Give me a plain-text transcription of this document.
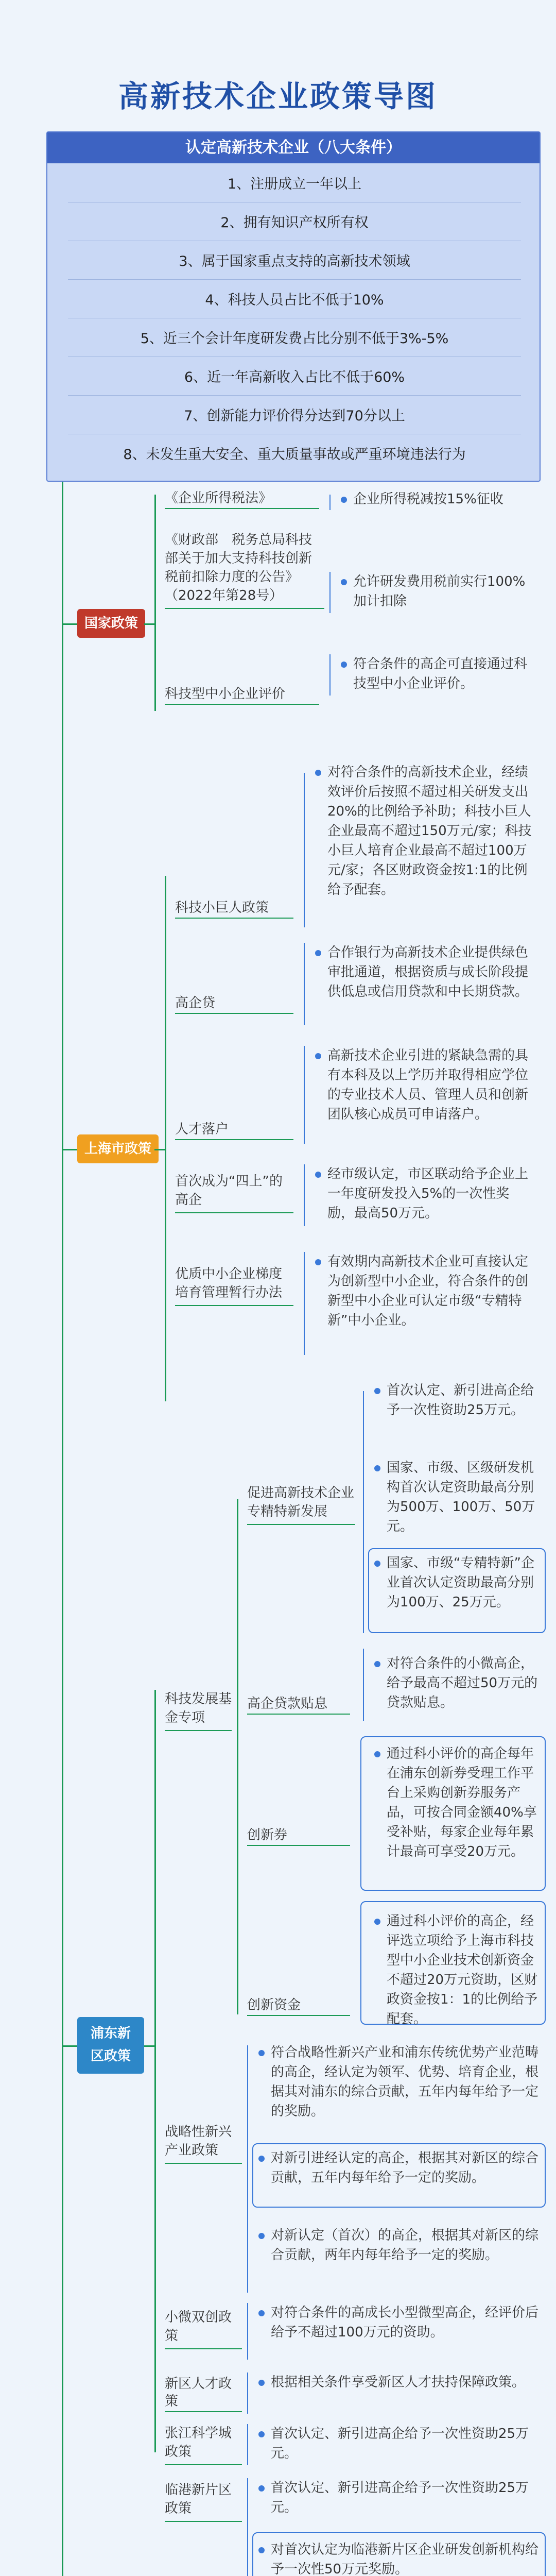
高新技术企业政策导图
认定高新技术企业（八大条件）
1、注册成立一年以上
2、拥有知识产权所有权
3、属于国家重点支持的高新技术领域
4、科技人员占比不低于10%
5、近三个会计年度研发费占比分别不低于3%-5%
6、近一年高新收入占比不低于60%
7、创新能力评价得分达到70分以上
8、未发生重大安全、重大质量事故或严重环境违法行为
国家政策
《企业所得税法》	企业所得税减按15%征收
《财政部　税务总局科技部关于加大支持科技创新税前扣除力度的公告》（2022年第28号）
允许研发费用税前实行100%加计扣除
科技型中小企业评价
符合条件的高企可直接通过科技型中小企业评价。
上海市政策
科技小巨人政策
对符合条件的高新技术企业，经绩效评价后按照不超过相关研发支出20%的比例给予补助；科技小巨人企业最高不超过150万元/家；科技小巨人培育企业最高不超过100万元/家；各区财政资金按1:1的比例给予配套。
高企贷
合作银行为高新技术企业提供绿色审批通道，根据资质与成长阶段提供低息或信用贷款和中长期贷款。
人才落户
高新技术企业引进的紧缺急需的具有本科及以上学历并取得相应学位的专业技术人员、管理人员和创新团队核心成员可申请落户。
首次成为“四上”的高企
经市级认定，市区联动给予企业上一年度研发投入5%的一次性奖励，最高50万元。
优质中小企业梯度培育管理暂行办法
有效期内高新技术企业可直接认定为创新型中小企业，符合条件的创新型中小企业可认定市级“专精特新”中小企业。
浦东新区政策
科技发展基金专项
促进高新技术企业专精特新发展
首次认定、新引进高企给予一次性资助25万元。
国家、市级、区级研发机构首次认定资助最高分别为500万、100万、50万元。
国家、市级“专精特新”企业首次认定资助最高分别为100万、25万元。
高企贷款贴息
对符合条件的小微高企，给予最高不超过50万元的贷款贴息。
创新券
通过科小评价的高企每年在浦东创新券受理工作平台上采购创新券服务产品，可按合同金额40%享受补贴，每家企业每年累计最高可享受20万元。
创新资金
通过科小评价的高企，经评选立项给予上海市科技型中小企业技术创新资金不超过20万元资助，区财政资金按1：1的比例给予配套。
战略性新兴产业政策
符合战略性新兴产业和浦东传统优势产业范畴的高企，经认定为领军、优势、培育企业，根据其对浦东的综合贡献，五年内每年给予一定的奖励。
对新引进经认定的高企，根据其对新区的综合贡献，五年内每年给予一定的奖励。
对新认定（首次）的高企，根据其对新区的综合贡献，两年内每年给予一定的奖励。
小微双创政策
对符合条件的高成长小型微型高企，经评价后给予不超过100万元的资助。
新区人才政策
根据相关条件享受新区人才扶持保障政策。
张江科学城政策
首次认定、新引进高企给予一次性资助25万元。
临港新片区政策
首次认定、新引进高企给予一次性资助25万元。
对首次认定为临港新片区企业研发创新机构给予一次性50万元奖励。
